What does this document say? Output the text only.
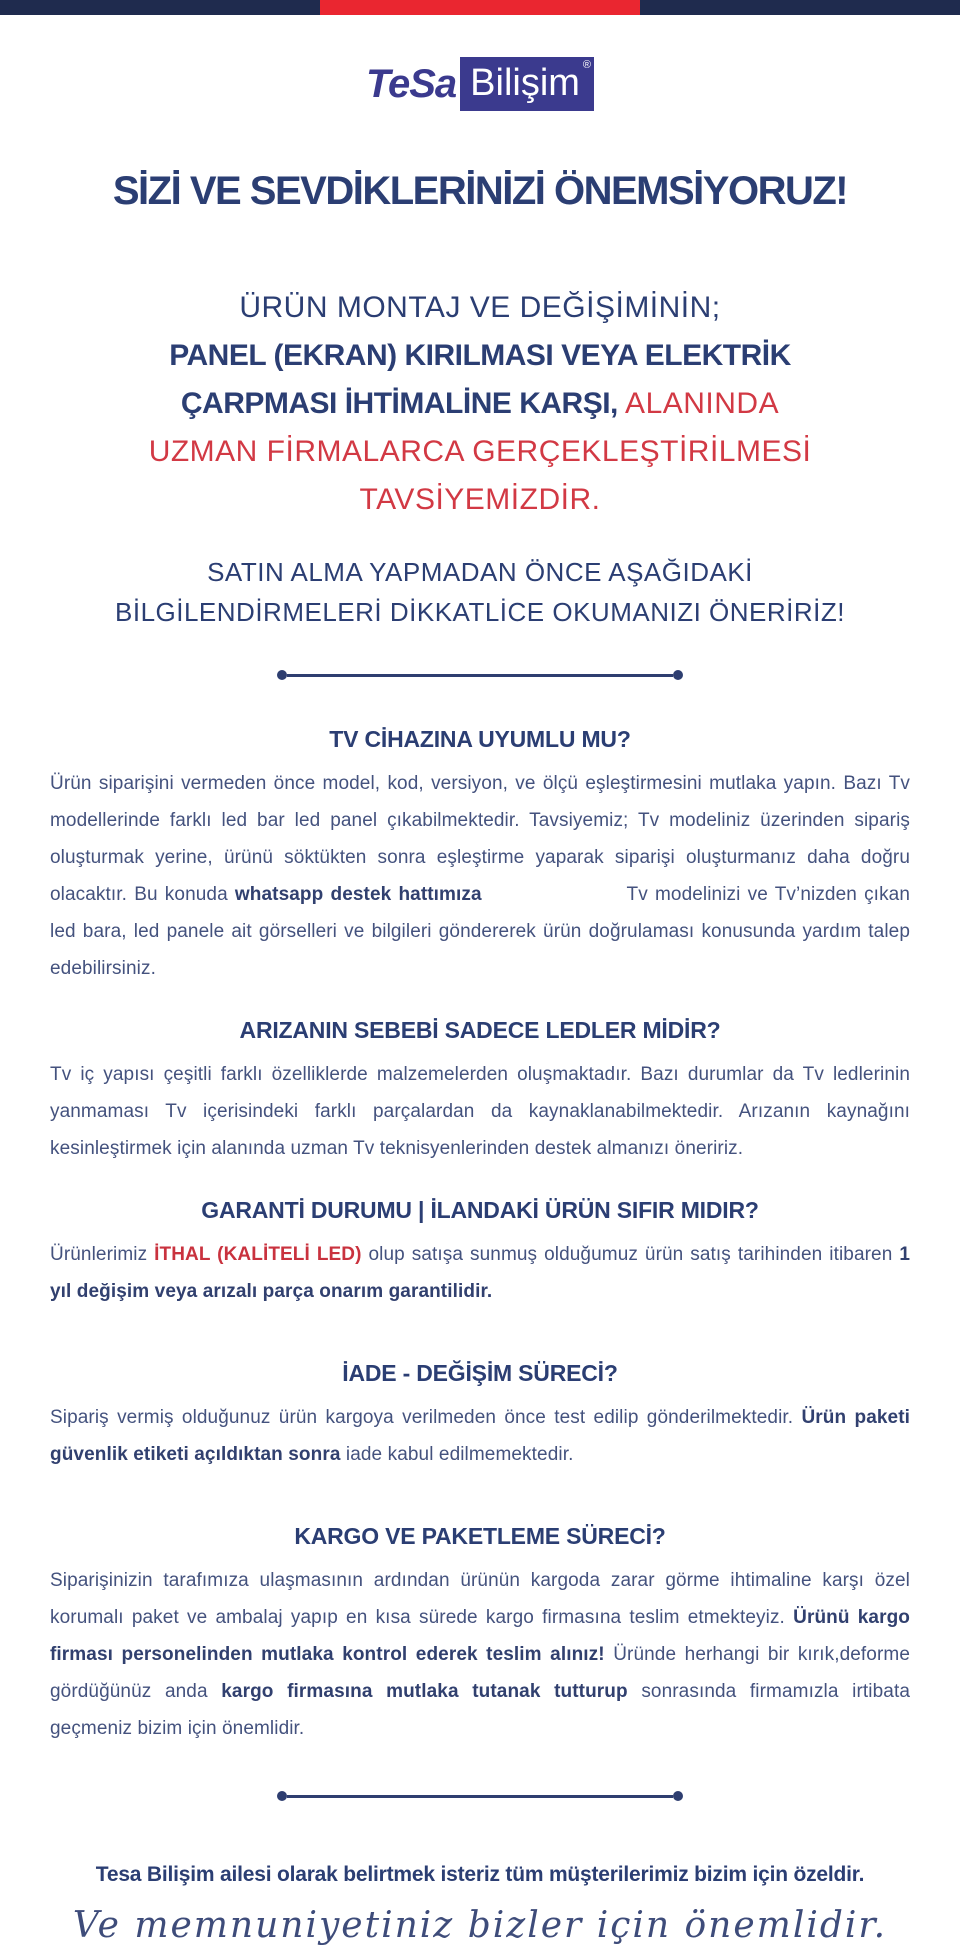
TeSa Bilişim ®
SİZİ VE SEVDİKLERİNİZİ ÖNEMSİYORUZ!
ÜRÜN MONTAJ VE DEĞİŞİMİNİN;
PANEL (EKRAN) KIRILMASI VEYA ELEKTRİK
ÇARPMASI İHTİMALİNE KARŞI, ALANINDA
UZMAN FİRMALARCA GERÇEKLEŞTİRİLMESİ
TAVSİYEMİZDİR.
SATIN ALMA YAPMADAN ÖNCE AŞAĞIDAKİ
BİLGİLENDİRMELERİ DİKKATLİCE OKUMANIZI ÖNERİRİZ!
TV CİHAZINA UYUMLU MU?

Ürün siparişini vermeden önce model, kod, versiyon, ve ölçü eşleştirmesini mutlaka yapın. Bazı Tv modellerinde farklı led bar led panel çıkabilmektedir. Tavsiyemiz; Tv modeliniz üzerinden sipariş oluşturmak yerine, ürünü söktükten sonra eşleştirme yaparak siparişi oluşturmanız daha doğru olacaktır. Bu konuda whatsapp destek hattımıza	Tv modelinizi ve Tv’nizden çıkan led bara, led panele ait görselleri ve bilgileri göndererek ürün doğrulaması konusunda yardım talep edebilirsiniz.

ARIZANIN SEBEBİ SADECE LEDLER MİDİR?

Tv iç yapısı çeşitli farklı özelliklerde malzemelerden oluşmaktadır. Bazı durumlar da Tv ledlerinin yanmaması Tv içerisindeki farklı parçalardan da kaynaklanabilmektedir. Arızanın kaynağını kesinleştirmek için alanında uzman Tv teknisyenlerinden destek almanızı öneririz.

GARANTİ DURUMU | İLANDAKİ ÜRÜN SIFIR MIDIR?

Ürünlerimiz İTHAL (KALİTELİ LED) olup satışa sunmuş olduğumuz ürün satış tarihinden itibaren 1 yıl değişim veya arızalı parça onarım garantilidir.

İADE - DEĞİŞİM SÜRECİ?

Sipariş vermiş olduğunuz ürün kargoya verilmeden önce test edilip gönderilmektedir. Ürün paketi güvenlik etiketi açıldıktan sonra iade kabul edilmemektedir.

KARGO VE PAKETLEME SÜRECİ?

Siparişinizin tarafımıza ulaşmasının ardından ürünün kargoda zarar görme ihtimaline karşı özel korumalı paket ve ambalaj yapıp en kısa sürede kargo firmasına teslim etmekteyiz. Ürünü kargo firması personelinden mutlaka kontrol ederek teslim alınız! Üründe herhangi bir kırık,deforme gördüğünüz anda kargo firmasına mutlaka tutanak tutturup sonrasında firmamızla irtibata geçmeniz bizim için önemlidir.

Tesa Bilişim ailesi olarak belirtmek isteriz tüm müşterilerimiz bizim için özeldir.
Ve memnuniyetiniz bizler için önemlidir.
